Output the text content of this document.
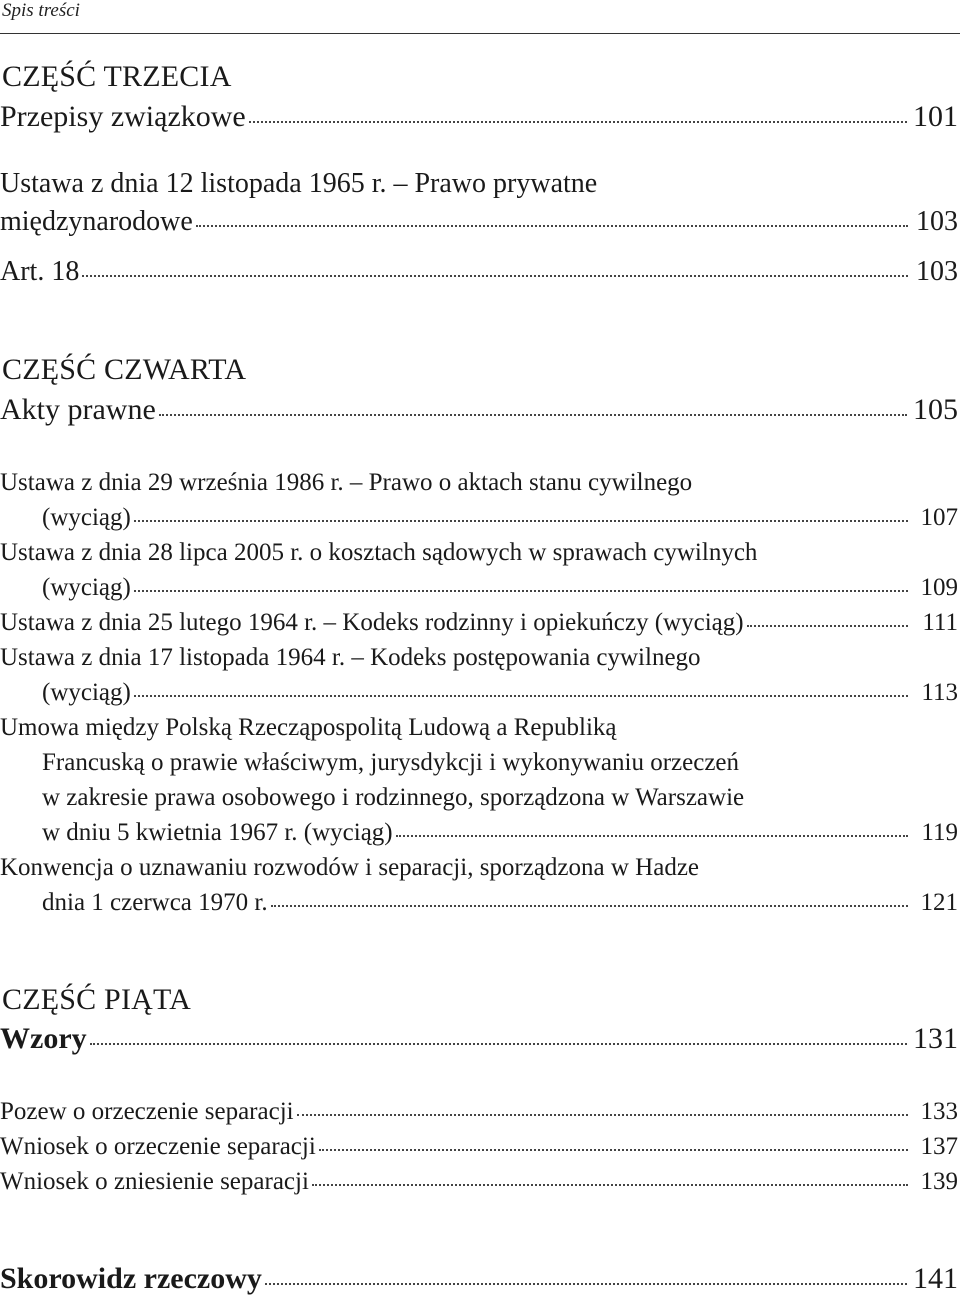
Spis treści
CZĘŚĆ TRZECIA
Przepisy związkowe	101
Ustawa z dnia 12 listopada 1965 r. – Prawo prywatne
międzynarodowe	103
Art. 18	103
CZĘŚĆ CZWARTA
Akty prawne	105
Ustawa z dnia 29 września 1986 r. – Prawo o aktach stanu cywilnego
(wyciąg)	107
Ustawa z dnia 28 lipca 2005 r. o kosztach sądowych w sprawach cywilnych
(wyciąg)	109
Ustawa z dnia 25 lutego 1964 r. – Kodeks rodzinny i opiekuńczy (wyciąg)	111
Ustawa z dnia 17 listopada 1964 r. – Kodeks postępowania cywilnego
(wyciąg)	113
Umowa między Polską Rzecząpospolitą Ludową a Republiką
Francuską o prawie właściwym, jurysdykcji i wykonywaniu orzeczeń
w zakresie prawa osobowego i rodzinnego, sporządzona w Warszawie
w dniu 5 kwietnia 1967 r. (wyciąg)	119
Konwencja o uznawaniu rozwodów i separacji, sporządzona w Hadze
dnia 1 czerwca 1970 r.	121
CZĘŚĆ PIĄTA
Wzory	131
Pozew o orzeczenie separacji	133
Wniosek o orzeczenie separacji	137
Wniosek o zniesienie separacji	139
Skorowidz rzeczowy	141
